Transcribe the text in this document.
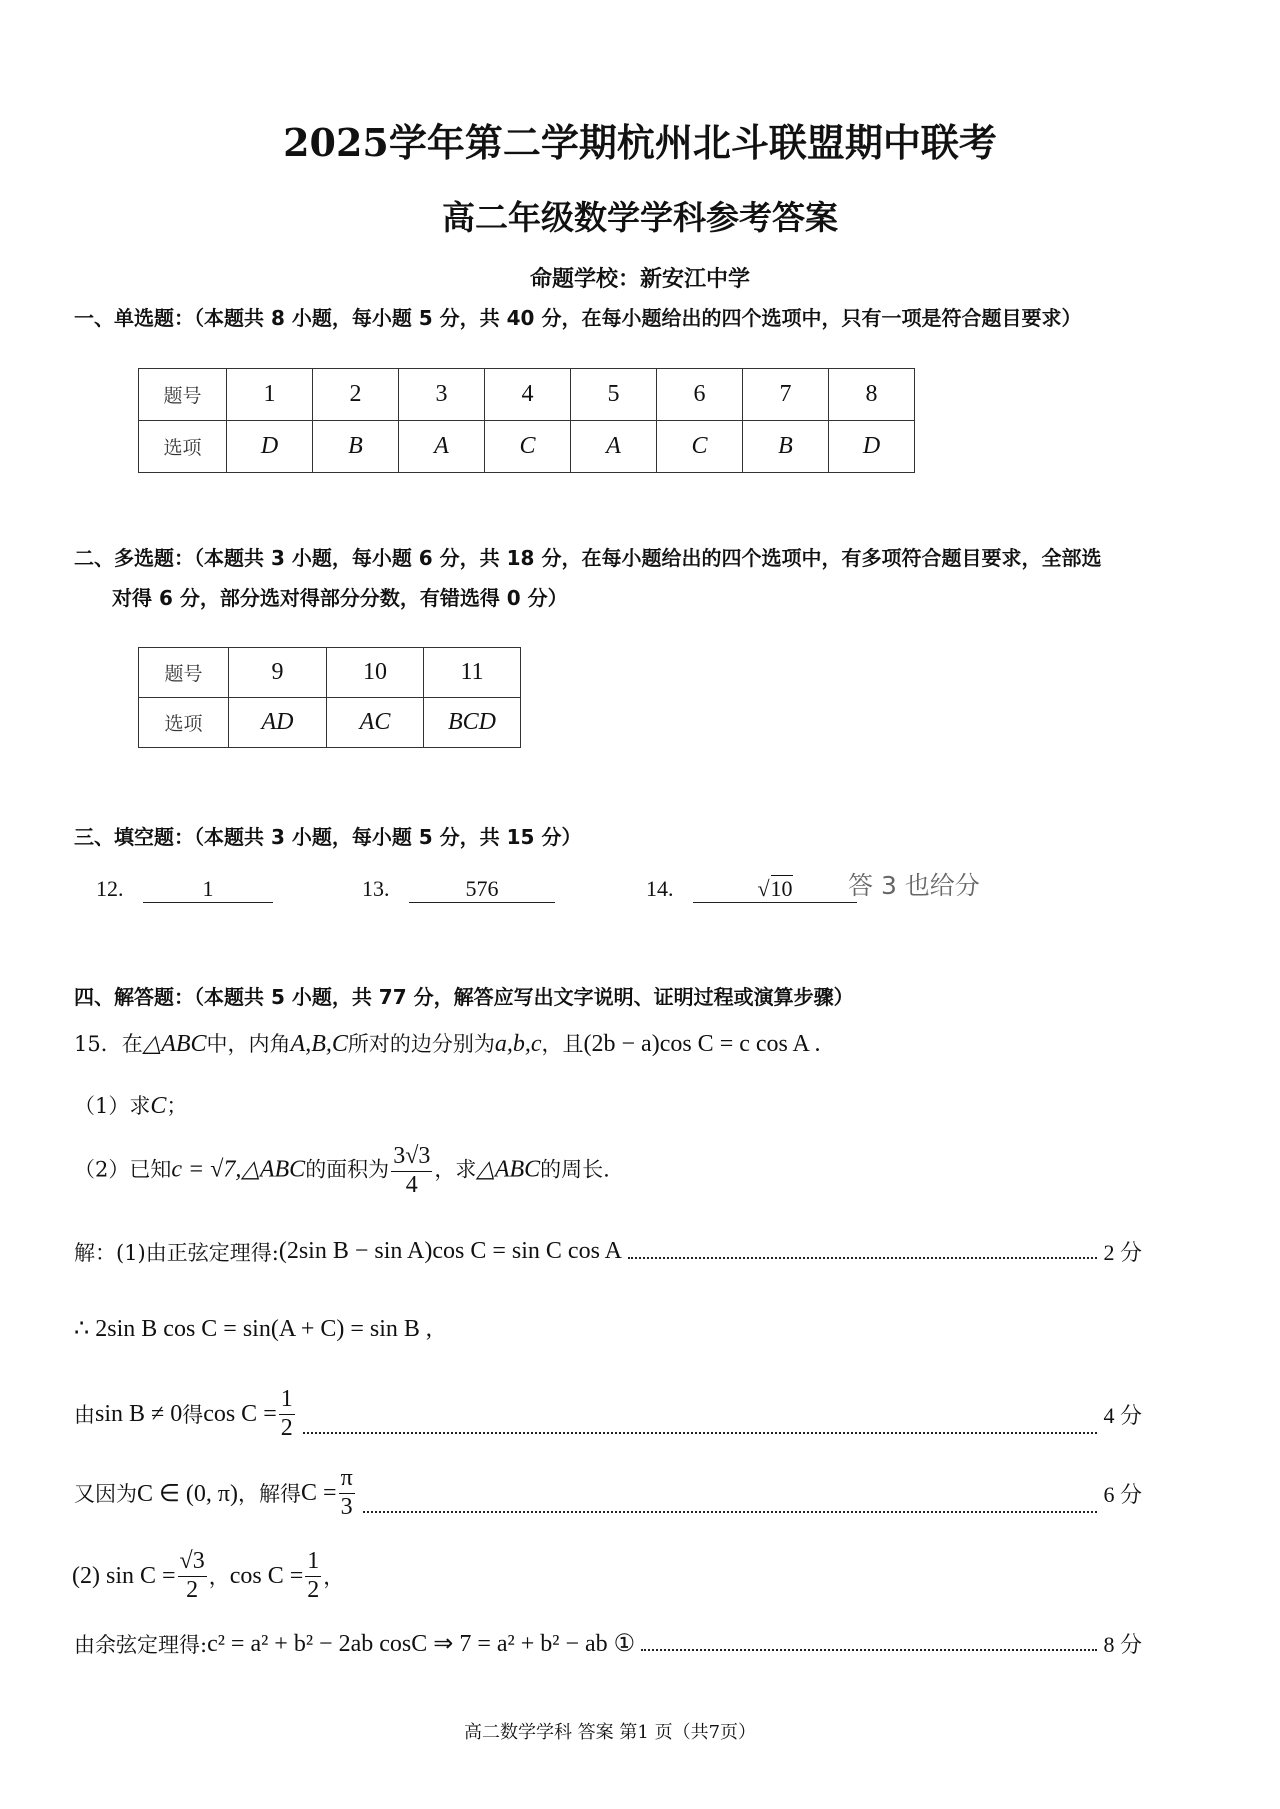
2025学年第二学期杭州北斗联盟期中联考
高二年级数学学科参考答案
命题学校：新安江中学
一、单选题：（本题共 8 小题，每小题 5 分，共 40 分，在每小题给出的四个选项中，只有一项是符合题目要求）
题号	1	2	3	4	5	6	7	8
选项	D	B	A	C	A	C	B	D
二、多选题：（本题共 3 小题，每小题 6 分，共 18 分，在每小题给出的四个选项中，有多项符合题目要求，全部选
对得 6 分，部分选对得部分分数，有错选得 0 分）
题号	9	10	11
选项	AD	AC	BCD
三、填空题：（本题共 3 小题，每小题 5 分，共 15 分）
12.	1	13.	576	14.	√10	答 3 也给分
四、解答题：（本题共 5 小题，共 77 分，解答应写出文字说明、证明过程或演算步骤）
15．在△ABC中，内角A,B,C所对的边分别为a,b,c，且(2b − a)cos C = c cos A .
（1）求C；
（2）已知c = √7,△ABC的面积为 $\frac{3√3}{4}$ ，求△ABC的周长.
解：(1)由正弦定理得: (2sin B − sin A)cos C = sin C cos A	2 分
∴ 2sin B cos C = sin(A + C) = sin B ,
由 sin B ≠ 0 得 $\cos C = \frac{1}{2}$	4 分
又因为 C ∈ (0, π) ，解得 $C = \frac{\pi}{3}$	6 分
(2) $\sin C = \frac{√3}{2}$ ， $\cos C = \frac{1}{2}$ ，
由余弦定理得: c² = a² + b² − 2ab cosC ⇒ 7 = a² + b² − ab ①	8 分
高二数学学科 答案 第1 页（共7页）
